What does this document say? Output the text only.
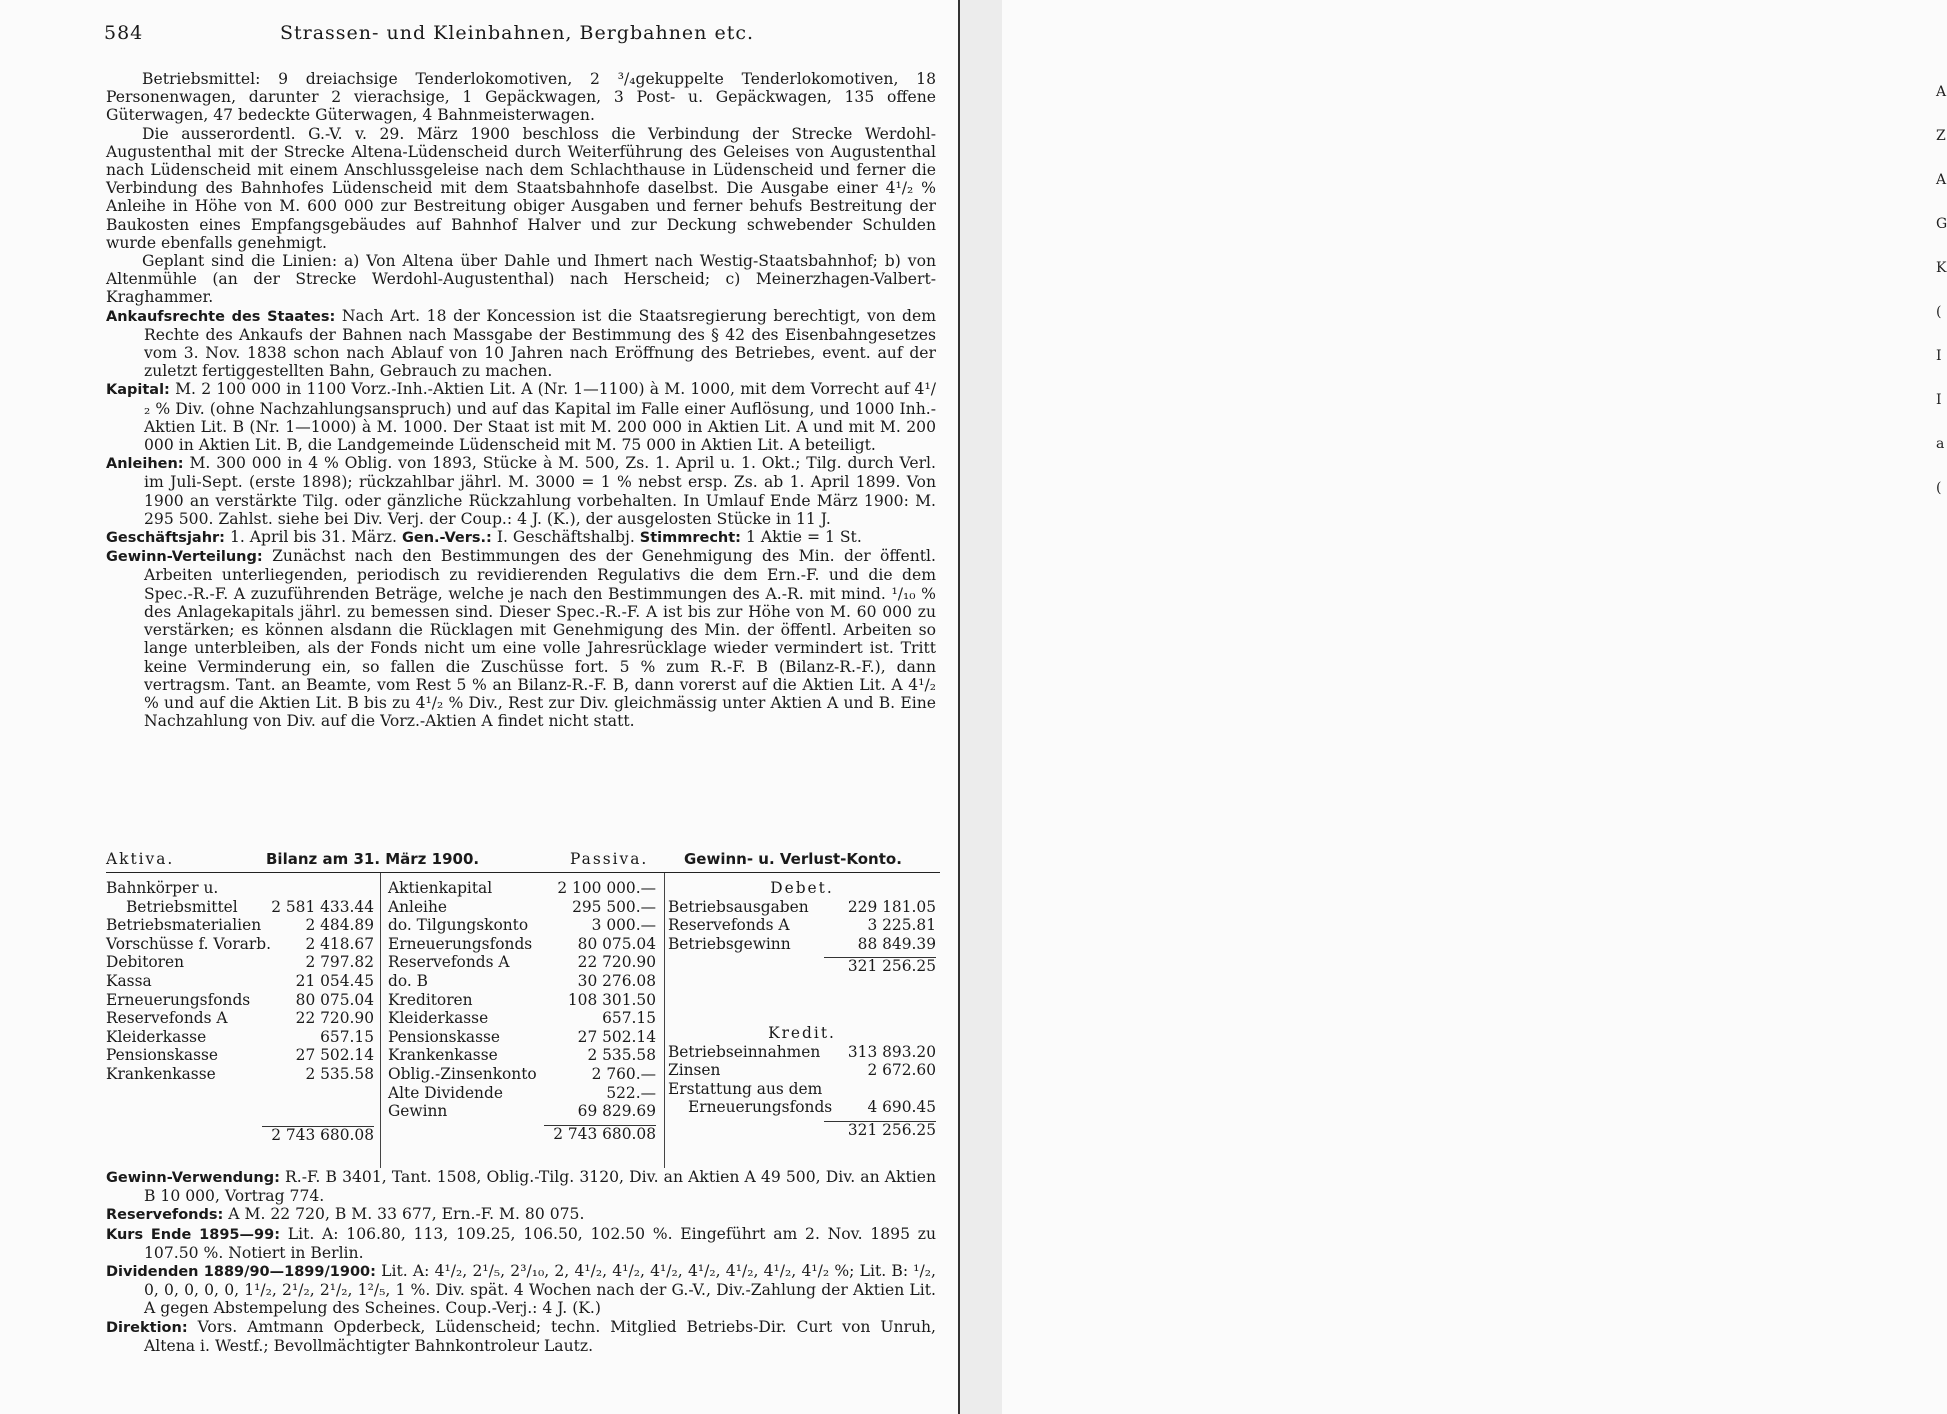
A
Z
A
G
K
(
I
I
a
(
584	Strassen- und Kleinbahnen, Bergbahnen etc.

Betriebsmittel: 9 dreiachsige Tenderlokomotiven, 2 ³/₄gekuppelte Tenderlokomotiven, 18 Personenwagen, darunter 2 vierachsige, 1 Gepäckwagen, 3 Post- u. Gepäckwagen, 135 offene Güterwagen, 47 bedeckte Güterwagen, 4 Bahnmeisterwagen.

Die ausserordentl. G.-V. v. 29. März 1900 beschloss die Verbindung der Strecke Werdohl-Augustenthal mit der Strecke Altena-Lüdenscheid durch Weiterführung des Geleises von Augustenthal nach Lüdenscheid mit einem Anschlussgeleise nach dem Schlachthause in Lüdenscheid und ferner die Verbindung des Bahnhofes Lüdenscheid mit dem Staatsbahnhofe daselbst. Die Ausgabe einer 4¹/₂ % Anleihe in Höhe von M. 600 000 zur Bestreitung obiger Ausgaben und ferner behufs Bestreitung der Baukosten eines Empfangsgebäudes auf Bahnhof Halver und zur Deckung schwebender Schulden wurde ebenfalls genehmigt.

Geplant sind die Linien: a) Von Altena über Dahle und Ihmert nach Westig-Staatsbahnhof; b) von Altenmühle (an der Strecke Werdohl-Augustenthal) nach Herscheid; c) Meinerzhagen-Valbert-Kraghammer.

Ankaufsrechte des Staates: Nach Art. 18 der Koncession ist die Staatsregierung berechtigt, von dem Rechte des Ankaufs der Bahnen nach Massgabe der Bestimmung des § 42 des Eisenbahngesetzes vom 3. Nov. 1838 schon nach Ablauf von 10 Jahren nach Eröffnung des Betriebes, event. auf der zuletzt fertiggestellten Bahn, Gebrauch zu machen.

Kapital: M. 2 100 000 in 1100 Vorz.-Inh.-Aktien Lit. A (Nr. 1—1100) à M. 1000, mit dem Vorrecht auf 4¹/₂ % Div. (ohne Nachzahlungsanspruch) und auf das Kapital im Falle einer Auflösung, und 1000 Inh.-Aktien Lit. B (Nr. 1—1000) à M. 1000. Der Staat ist mit M. 200 000 in Aktien Lit. A und mit M. 200 000 in Aktien Lit. B, die Landgemeinde Lüdenscheid mit M. 75 000 in Aktien Lit. A beteiligt.

Anleihen: M. 300 000 in 4 % Oblig. von 1893, Stücke à M. 500, Zs. 1. April u. 1. Okt.; Tilg. durch Verl. im Juli-Sept. (erste 1898); rückzahlbar jährl. M. 3000 = 1 % nebst ersp. Zs. ab 1. April 1899. Von 1900 an verstärkte Tilg. oder gänzliche Rückzahlung vorbehalten. In Umlauf Ende März 1900: M. 295 500. Zahlst. siehe bei Div. Verj. der Coup.: 4 J. (K.), der ausgelosten Stücke in 11 J.

Geschäftsjahr: 1. April bis 31. März. Gen.-Vers.: I. Geschäftshalbj. Stimmrecht: 1 Aktie = 1 St.

Gewinn-Verteilung: Zunächst nach den Bestimmungen des der Genehmigung des Min. der öffentl. Arbeiten unterliegenden, periodisch zu revidierenden Regulativs die dem Ern.-F. und die dem Spec.-R.-F. A zuzuführenden Beträge, welche je nach den Bestimmungen des A.-R. mit mind. ¹/₁₀ % des Anlagekapitals jährl. zu bemessen sind. Dieser Spec.-R.-F. A ist bis zur Höhe von M. 60 000 zu verstärken; es können alsdann die Rücklagen mit Genehmigung des Min. der öffentl. Arbeiten so lange unterbleiben, als der Fonds nicht um eine volle Jahresrücklage wieder vermindert ist. Tritt keine Verminderung ein, so fallen die Zuschüsse fort. 5 % zum R.-F. B (Bilanz-R.-F.), dann vertragsm. Tant. an Beamte, vom Rest 5 % an Bilanz-R.-F. B, dann vorerst auf die Aktien Lit. A 4¹/₂ % und auf die Aktien Lit. B bis zu 4¹/₂ % Div., Rest zur Div. gleichmässig unter Aktien A und B. Eine Nachzahlung von Div. auf die Vorz.-Aktien A findet nicht statt.

Aktiva.	Bilanz am 31. März 1900.	Passiva. Gewinn- u. Verlust-Konto.
Bahnkörper u.
Betriebsmittel 2 581 433.44
Betriebsmaterialien	2 484.89
Vorschüsse f. Vorarb. 2 418.67
Debitoren	2 797.82
Kassa	21 054.45
Erneuerungsfonds	80 075.04
Reservefonds A	22 720.90
Kleiderkasse	657.15
Pensionskasse	27 502.14
Krankenkasse	2 535.58
2 743 680.08
Aktienkapital	2 100 000.—
Anleihe	295 500.—
do. Tilgungskonto	3 000.—
Erneuerungsfonds	80 075.04
Reservefonds A	22 720.90
do. B	30 276.08
Kreditoren	108 301.50
Kleiderkasse	657.15
Pensionskasse	27 502.14
Krankenkasse	2 535.58
Oblig.-Zinsenkonto	2 760.—
Alte Dividende	522.—
Gewinn	69 829.69
2 743 680.08
Debet.
Betriebsausgaben	229 181.05
Reservefonds A	3 225.81
Betriebsgewinn	88 849.39
321 256.25
Kredit.
Betriebseinnahmen 313 893.20
Zinsen	2 672.60
Erstattung aus dem
Erneuerungsfonds 4 690.45
321 256.25

Gewinn-Verwendung: R.-F. B 3401, Tant. 1508, Oblig.-Tilg. 3120, Div. an Aktien A 49 500, Div. an Aktien B 10 000, Vortrag 774.

Reservefonds: A M. 22 720, B M. 33 677, Ern.-F. M. 80 075.

Kurs Ende 1895—99: Lit. A: 106.80, 113, 109.25, 106.50, 102.50 %. Eingeführt am 2. Nov. 1895 zu 107.50 %. Notiert in Berlin.

Dividenden 1889/90—1899/1900: Lit. A: 4¹/₂, 2¹/₅, 2³/₁₀, 2, 4¹/₂, 4¹/₂, 4¹/₂, 4¹/₂, 4¹/₂, 4¹/₂, 4¹/₂ %; Lit. B: ¹/₂, 0, 0, 0, 0, 0, 1¹/₂, 2¹/₂, 2¹/₂, 1²/₅, 1 %. Div. spät. 4 Wochen nach der G.-V., Div.-Zahlung der Aktien Lit. A gegen Abstempelung des Scheines. Coup.-Verj.: 4 J. (K.)

Direktion: Vors. Amtmann Opderbeck, Lüdenscheid; techn. Mitglied Betriebs-Dir. Curt von Unruh, Altena i. Westf.; Bevollmächtigter Bahnkontroleur Lautz.
